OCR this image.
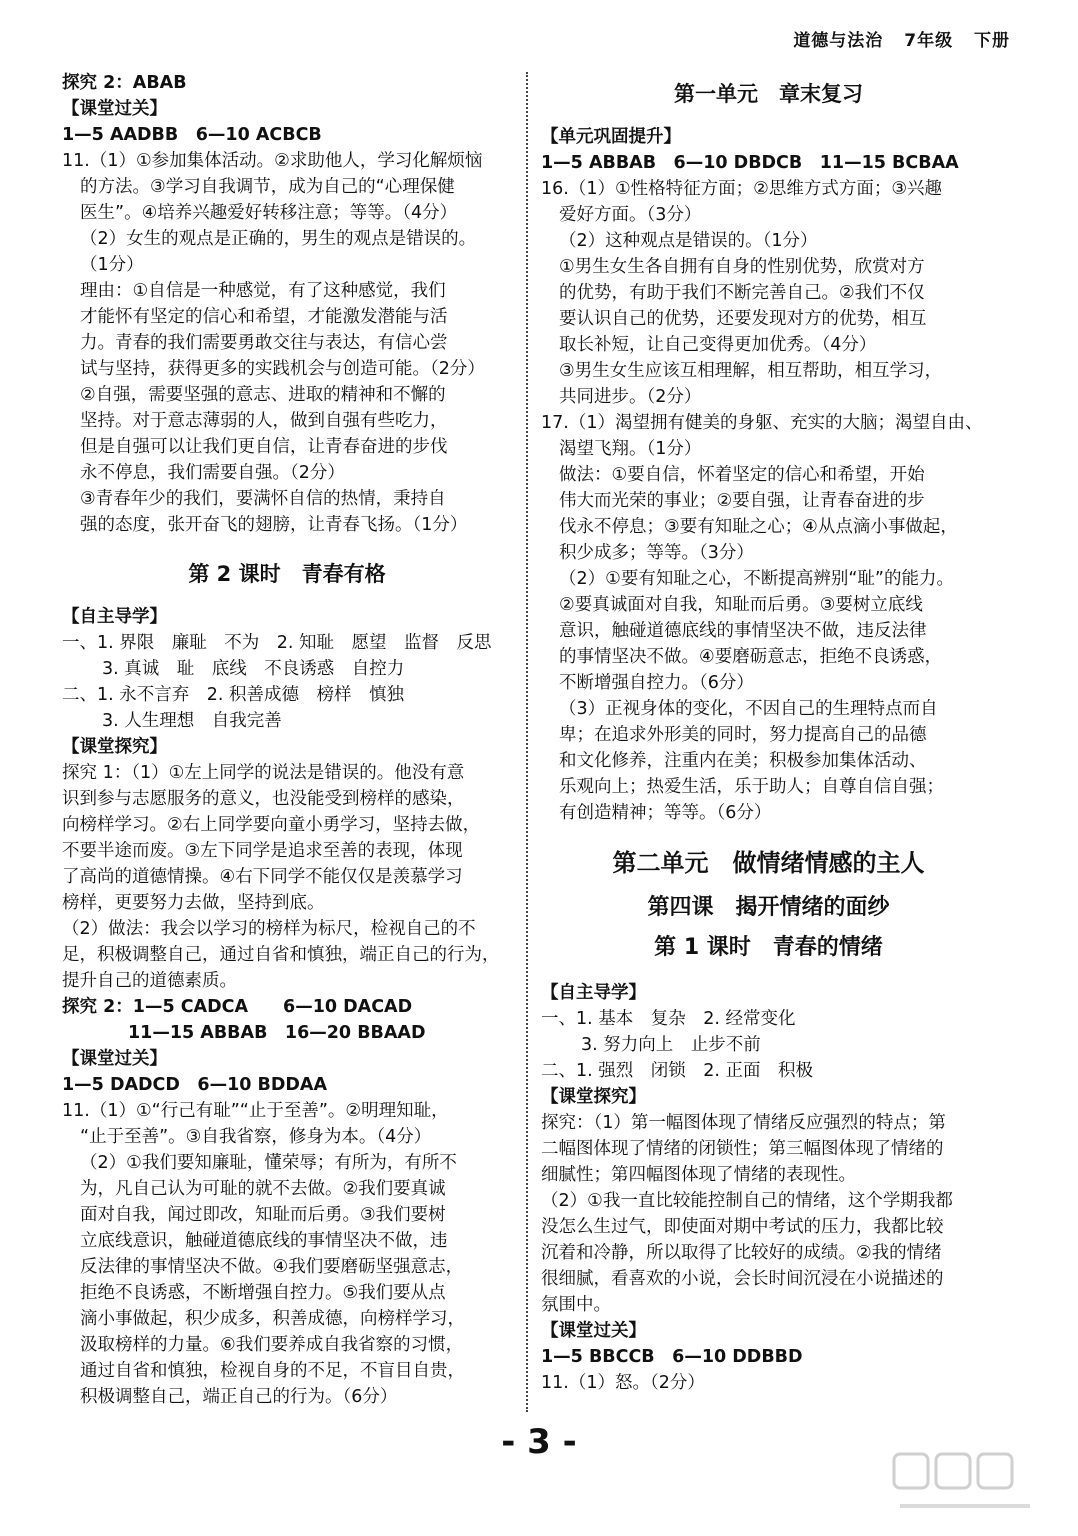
道德与法治 7年级 下册
探究 2：ABAB
【课堂过关】
1—5 AADBB　6—10 ACBCB
11.（1）①参加集体活动。②求助他人，学习化解烦恼
的方法。③学习自我调节，成为自己的“心理保健
医生”。④培养兴趣爱好转移注意；等等。（4分）
（2）女生的观点是正确的，男生的观点是错误的。
（1分）
理由：①自信是一种感觉，有了这种感觉，我们
才能怀有坚定的信心和希望，才能激发潜能与活
力。青春的我们需要勇敢交往与表达，有信心尝
试与坚持，获得更多的实践机会与创造可能。（2分）
②自强，需要坚强的意志、进取的精神和不懈的
坚持。对于意志薄弱的人，做到自强有些吃力，
但是自强可以让我们更自信，让青春奋进的步伐
永不停息，我们需要自强。（2分）
③青春年少的我们，要满怀自信的热情，秉持自
强的态度，张开奋飞的翅膀，让青春飞扬。（1分）
第 2 课时　青春有格
【自主导学】
一、1. 界限　廉耻　不为　2. 知耻　愿望　监督　反思
3. 真诚　耻　底线　不良诱惑　自控力
二、1. 永不言弃　2. 积善成德　榜样　慎独
3. 人生理想　自我完善
【课堂探究】
探究 1：（1）①左上同学的说法是错误的。他没有意
识到参与志愿服务的意义，也没能受到榜样的感染，
向榜样学习。②右上同学要向童小勇学习，坚持去做，
不要半途而废。③左下同学是追求至善的表现，体现
了高尚的道德情操。④右下同学不能仅仅是羡慕学习
榜样，更要努力去做，坚持到底。
（2）做法：我会以学习的榜样为标尺，检视自己的不
足，积极调整自己，通过自省和慎独，端正自己的行为，
提升自己的道德素质。
探究 2：1—5 CADCA　　6—10 DACAD
11—15 ABBAB　16—20 BBAAD
【课堂过关】
1—5 DADCD　6—10 BDDAA
11.（1）①“行己有耻”“止于至善”。②明理知耻，
“止于至善”。③自我省察，修身为本。（4分）
（2）①我们要知廉耻，懂荣辱；有所为，有所不
为，凡自己认为可耻的就不去做。②我们要真诚
面对自我，闻过即改，知耻而后勇。③我们要树
立底线意识，触碰道德底线的事情坚决不做，违
反法律的事情坚决不做。④我们要磨砺坚强意志，
拒绝不良诱惑，不断增强自控力。⑤我们要从点
滴小事做起，积少成多，积善成德，向榜样学习，
汲取榜样的力量。⑥我们要养成自我省察的习惯，
通过自省和慎独，检视自身的不足，不盲目自贵，
积极调整自己，端正自己的行为。（6分）
第一单元　章末复习
【单元巩固提升】
1—5 ABBAB　6—10 DBDCB　11—15 BCBAA
16.（1）①性格特征方面；②思维方式方面；③兴趣
爱好方面。（3分）
（2）这种观点是错误的。（1分）
①男生女生各自拥有自身的性别优势，欣赏对方
的优势，有助于我们不断完善自己。②我们不仅
要认识自己的优势，还要发现对方的优势，相互
取长补短，让自己变得更加优秀。（4分）
③男生女生应该互相理解，相互帮助，相互学习，
共同进步。（2分）
17.（1）渴望拥有健美的身躯、充实的大脑；渴望自由、
渴望飞翔。（1分）
做法：①要自信，怀着坚定的信心和希望，开始
伟大而光荣的事业；②要自强，让青春奋进的步
伐永不停息；③要有知耻之心；④从点滴小事做起，
积少成多；等等。（3分）
（2）①要有知耻之心，不断提高辨别“耻”的能力。
②要真诚面对自我，知耻而后勇。③要树立底线
意识，触碰道德底线的事情坚决不做，违反法律
的事情坚决不做。④要磨砺意志，拒绝不良诱惑，
不断增强自控力。（6分）
（3）正视身体的变化，不因自己的生理特点而自
卑；在追求外形美的同时，努力提高自己的品德
和文化修养，注重内在美；积极参加集体活动、
乐观向上；热爱生活，乐于助人；自尊自信自强；
有创造精神；等等。（6分）
第二单元　做情绪情感的主人
第四课　揭开情绪的面纱
第 1 课时　青春的情绪
【自主导学】
一、1. 基本　复杂　2. 经常变化
3. 努力向上　止步不前
二、1. 强烈　闭锁　2. 正面　积极
【课堂探究】
探究：（1）第一幅图体现了情绪反应强烈的特点；第
二幅图体现了情绪的闭锁性；第三幅图体现了情绪的
细腻性；第四幅图体现了情绪的表现性。
（2）①我一直比较能控制自己的情绪，这个学期我都
没怎么生过气，即使面对期中考试的压力，我都比较
沉着和冷静，所以取得了比较好的成绩。②我的情绪
很细腻，看喜欢的小说，会长时间沉浸在小说描述的
氛围中。
【课堂过关】
1—5 BBCCB　6—10 DDBBD
11.（1）怒。（2分）
- 3 -
